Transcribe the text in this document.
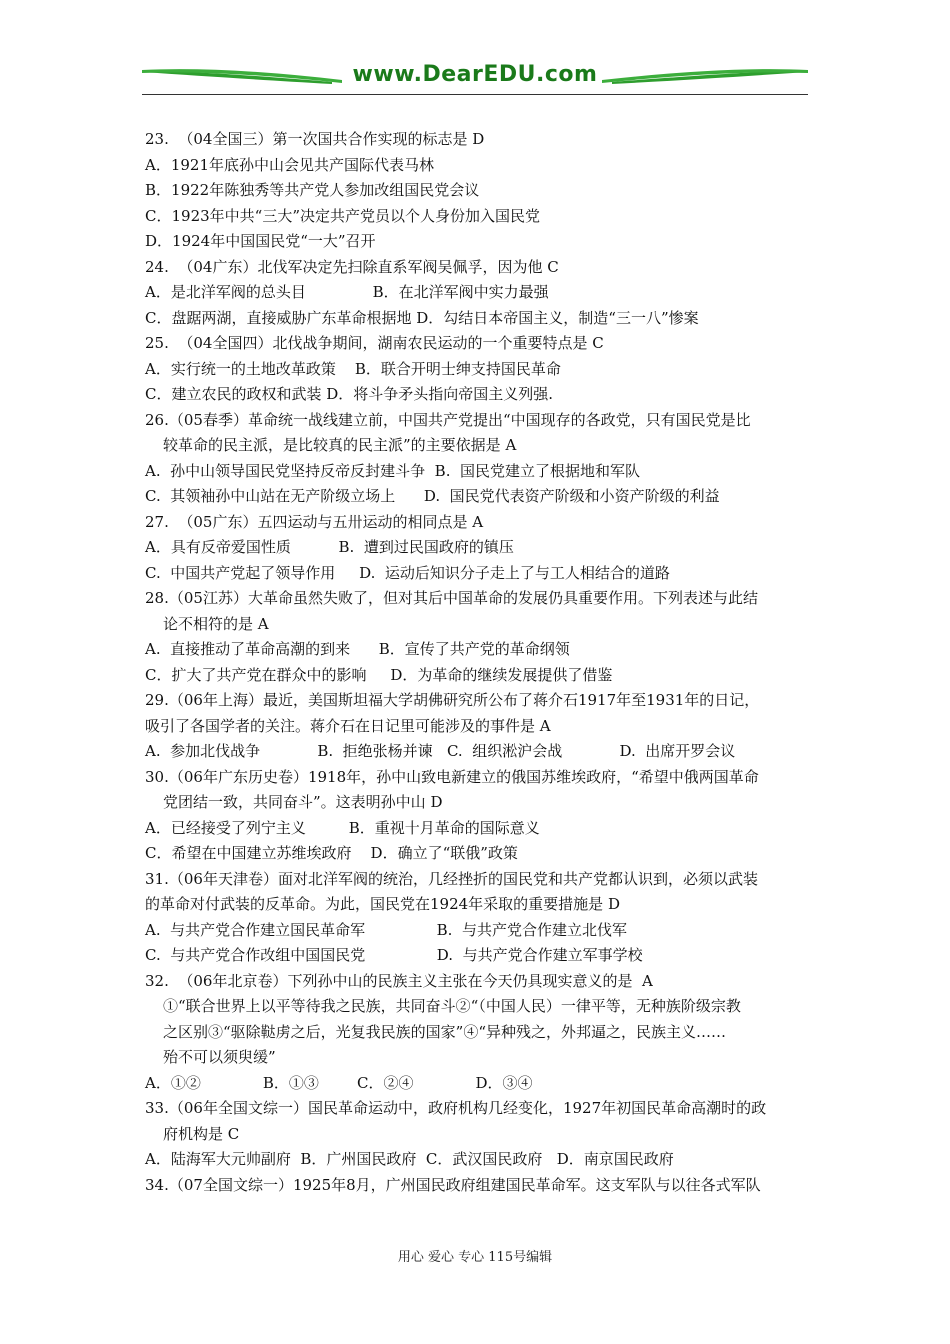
www.DearEDU.com
23.  （04全国三）第一次国共合作实现的标志是 D
A．1921年底孙中山会见共产国际代表马林
B．1922年陈独秀等共产党人参加改组国民党会议
C．1923年中共“三大”决定共产党员以个人身份加入国民党
D．1924年中国国民党“一大”召开
24.  （04广东）北伐军决定先扫除直系军阀吴佩孚，因为他 C
A．是北洋军阀的总头目              B．在北洋军阀中实力最强
C．盘踞两湖，直接威胁广东革命根据地 D．勾结日本帝国主义，制造“三一八”惨案
25.  （04全国四）北伐战争期间，湖南农民运动的一个重要特点是 C
A．实行统一的土地改革政策    B．联合开明士绅支持国民革命
C．建立农民的政权和武装 D．将斗争矛头指向帝国主义列强.
26.（05春季）革命统一战线建立前，中国共产党提出“中国现存的各政党，只有国民党是比
较革命的民主派，是比较真的民主派”的主要依据是 A
A.  孙中山领导国民党坚持反帝反封建斗争  B.  国民党建立了根据地和军队
C.  其领袖孙中山站在无产阶级立场上      D.  国民党代表资产阶级和小资产阶级的利益
27.  （05广东）五四运动与五卅运动的相同点是 A
A．具有反帝爱国性质          B.  遭到过民国政府的镇压
C.  中国共产党起了领导作用     D.  运动后知识分子走上了与工人相结合的道路
28.（05江苏）大革命虽然失败了，但对其后中国革命的发展仍具重要作用。下列表述与此结
论不相符的是 A
A.  直接推动了革命高潮的到来      B．宣传了共产党的革命纲领
C．扩大了共产党在群众中的影响     D．为革命的继续发展提供了借鉴
29.（06年上海）最近，美国斯坦福大学胡佛研究所公布了蒋介石1917年至1931年的日记，
吸引了各国学者的关注。蒋介石在日记里可能涉及的事件是 A
A.  参加北伐战争            B.  拒绝张杨并谏   C.  组织淞沪会战            D.  出席开罗会议
30.（06年广东历史卷）1918年，孙中山致电新建立的俄国苏维埃政府，“希望中俄两国革命
党团结一致，共同奋斗”。这表明孙中山 D
A．已经接受了列宁主义         B．重视十月革命的国际意义
C．希望在中国建立苏维埃政府    D．确立了“联俄”政策
31.（06年天津卷）面对北洋军阀的统治，几经挫折的国民党和共产党都认识到，必须以武装
的革命对付武装的反革命。为此，国民党在1924年采取的重要措施是 D
A.  与共产党合作建立国民革命军               B.  与共产党合作建立北伐军
C.  与共产党合作改组中国国民党               D.  与共产党合作建立军事学校
32.  （06年北京卷）下列孙中山的民族主义主张在今天仍具现实意义的是  A
①“联合世界上以平等待我之民族，共同奋斗②“（中国人民）一律平等，无种族阶级宗教
之区别③“驱除鞑虏之后，光复我民族的国家”④“异种残之，外邦逼之，民族主义……
殆不可以须臾缓”
A．①②             B．①③        C．②④             D．③④
33.（06年全国文综一）国民革命运动中，政府机构几经变化，1927年初国民革命高潮时的政
府机构是 C
A．陆海军大元帅副府  B．广州国民政府  C．武汉国民政府   D．南京国民政府
34.（07全国文综一）1925年8月，广州国民政府组建国民革命军。这支军队与以往各式军队
用心 爱心 专心 115号编辑
